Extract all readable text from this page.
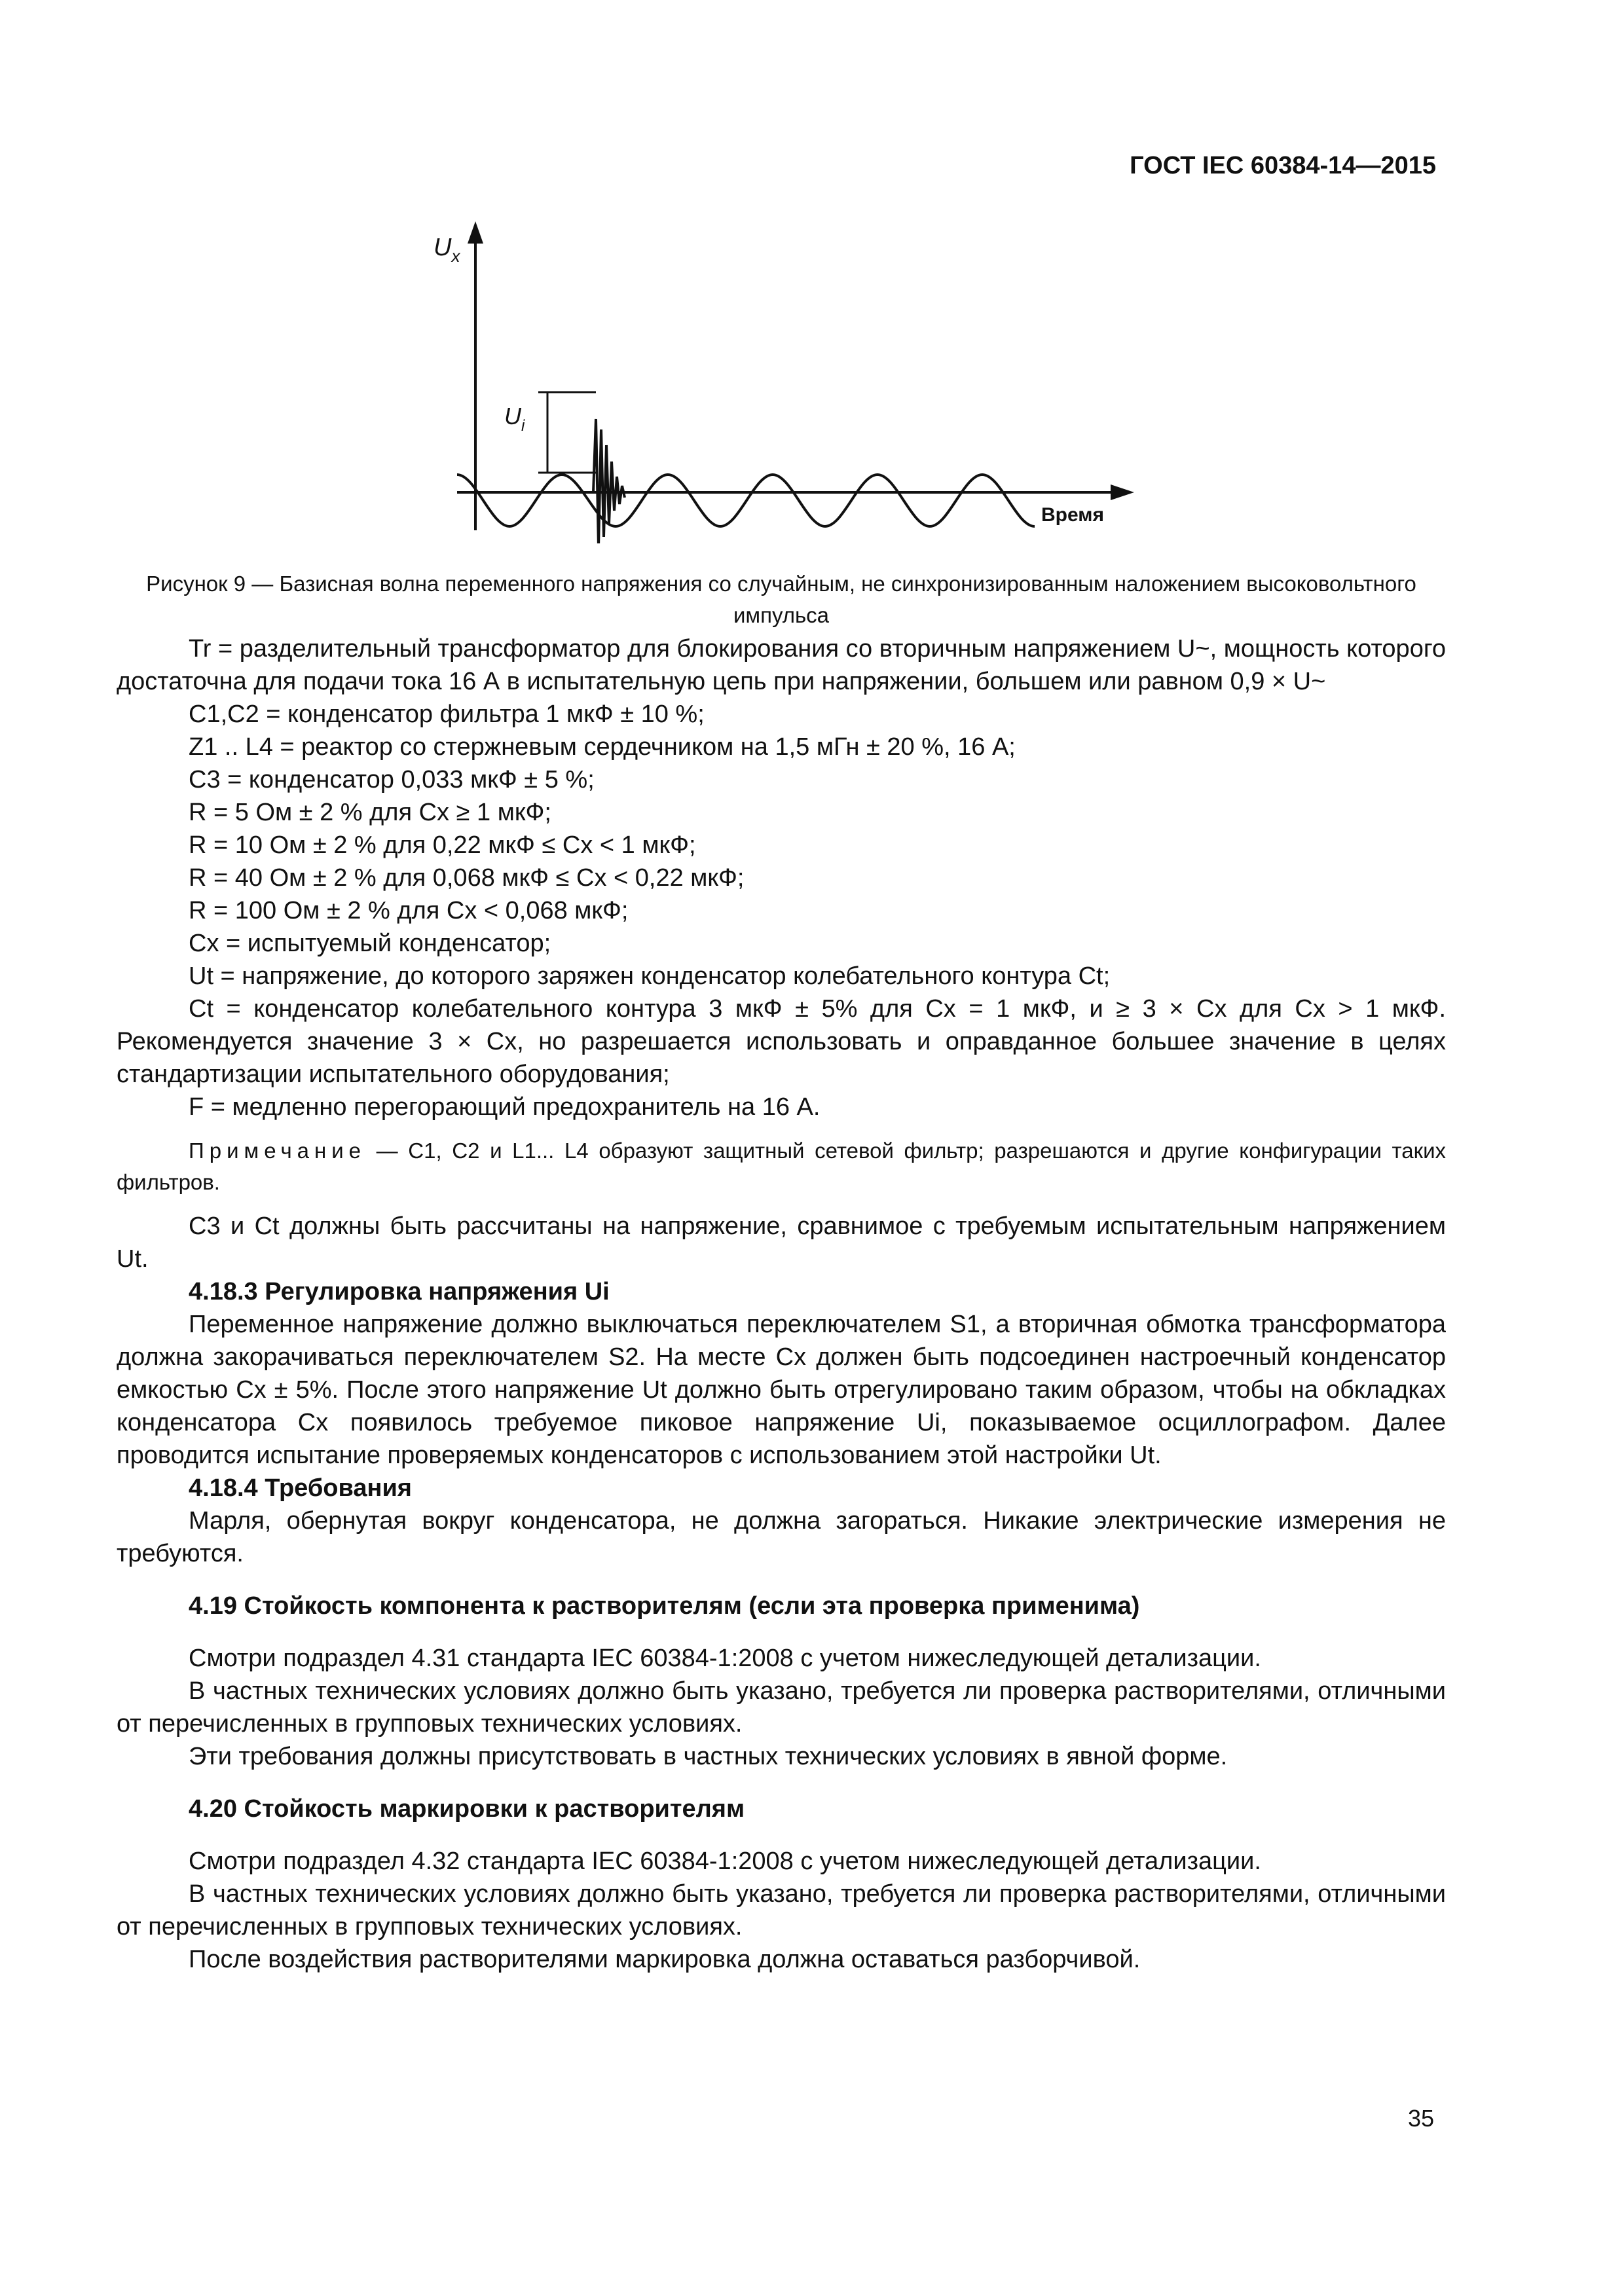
ГОСТ IEC 60384-14—2015
$U_x$
Время
$U_i$
Рисунок 9 — Базисная волна переменного напряжения со случайным, не синхронизированным наложением высоковольтного импульса

Tr = разделительный трансформатор для блокирования со вторичным напряжением U~, мощность которого достаточна для подачи тока 16 А в испытательную цепь при напряжении, большем или равном 0,9 × U~

C1,C2 = конденсатор фильтра 1 мкФ ± 10 %;

Z1 .. L4 = реактор со стержневым сердечником на 1,5 мГн ± 20 %, 16 А;

C3 = конденсатор 0,033 мкФ ± 5 %;

R = 5 Ом ± 2 % для Cx ≥ 1 мкФ;

R = 10 Ом ± 2 % для 0,22 мкФ ≤ Cx < 1 мкФ;

R = 40 Ом ± 2 % для 0,068 мкФ ≤ Cx < 0,22 мкФ;

R = 100 Ом ± 2 % для Cx < 0,068 мкФ;

Cx = испытуемый конденсатор;

Ut = напряжение, до которого заряжен конденсатор колебательного контура Ct;

Ct = конденсатор колебательного контура 3 мкФ ± 5% для Cx = 1 мкФ, и ≥ 3 × Cx для Cx > 1 мкФ. Рекомендуется значение 3 × Cx, но разрешается использовать и оправданное большее значение в целях стандартизации испытательного оборудования;

F = медленно перегорающий предохранитель на 16 А.

Примечание — C1, C2 и L1... L4 образуют защитный сетевой фильтр; разрешаются и другие конфигурации таких фильтров.

C3 и Ct должны быть рассчитаны на напряжение, сравнимое с требуемым испытательным напряжением Ut.

4.18.3 Регулировка напряжения Ui

Переменное напряжение должно выключаться переключателем S1, а вторичная обмотка трансформатора должна закорачиваться переключателем S2. На месте Cx должен быть подсоединен настроечный конденсатор емкостью Cx ± 5%. После этого напряжение Ut должно быть отрегулировано таким образом, чтобы на обкладках конденсатора Cx появилось требуемое пиковое напряжение Ui, показываемое осциллографом. Далее проводится испытание проверяемых конденсаторов с использованием этой настройки Ut.

4.18.4 Требования

Марля, обернутая вокруг конденсатора, не должна загораться. Никакие электрические измерения не требуются.

4.19 Стойкость компонента к растворителям (если эта проверка применима)

Смотри подраздел 4.31 стандарта IEC 60384-1:2008 с учетом нижеследующей детализации.

В частных технических условиях должно быть указано, требуется ли проверка растворителями, отличными от перечисленных в групповых технических условиях.

Эти требования должны присутствовать в частных технических условиях в явной форме.

4.20 Стойкость маркировки к растворителям

Смотри подраздел 4.32 стандарта IEC 60384-1:2008 с учетом нижеследующей детализации.

В частных технических условиях должно быть указано, требуется ли проверка растворителями, отличными от перечисленных в групповых технических условиях.

После воздействия растворителями маркировка должна оставаться разборчивой.

35
